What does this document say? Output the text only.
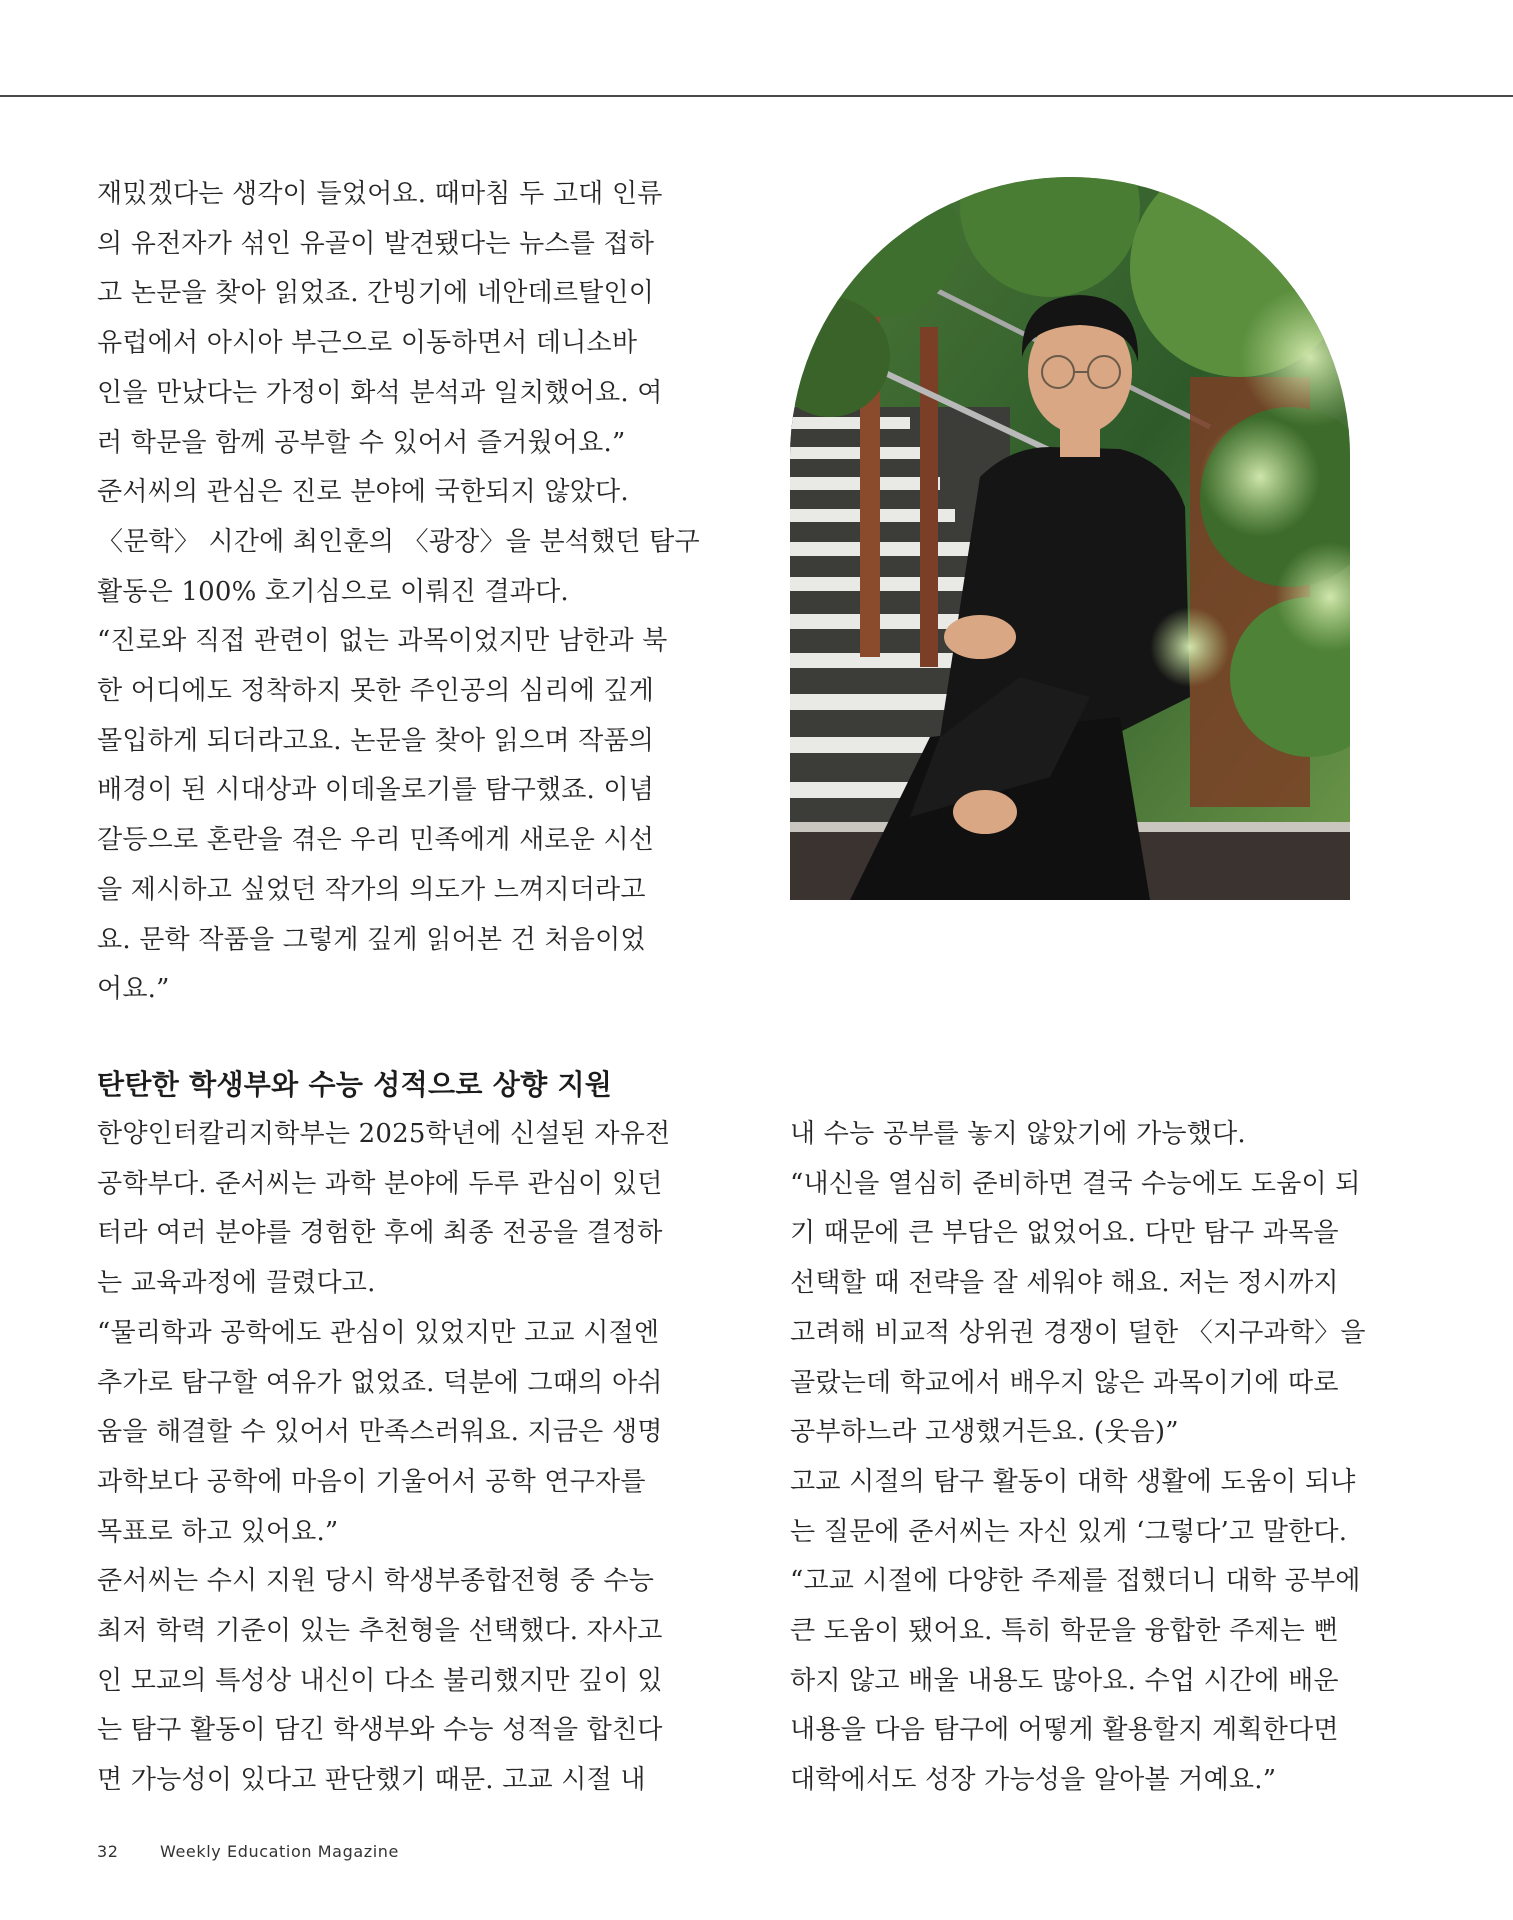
재밌겠다는 생각이 들었어요. 때마침 두 고대 인류

의 유전자가 섞인 유골이 발견됐다는 뉴스를 접하

고 논문을 찾아 읽었죠. 간빙기에 네안데르탈인이

유럽에서 아시아 부근으로 이동하면서 데니소바

인을 만났다는 가정이 화석 분석과 일치했어요. 여

러 학문을 함께 공부할 수 있어서 즐거웠어요.”

준서씨의 관심은 진로 분야에 국한되지 않았다.

〈문학〉 시간에 최인훈의 〈광장〉을 분석했던 탐구

활동은 100% 호기심으로 이뤄진 결과다.

“진로와 직접 관련이 없는 과목이었지만 남한과 북

한 어디에도 정착하지 못한 주인공의 심리에 깊게

몰입하게 되더라고요. 논문을 찾아 읽으며 작품의

배경이 된 시대상과 이데올로기를 탐구했죠. 이념

갈등으로 혼란을 겪은 우리 민족에게 새로운 시선

을 제시하고 싶었던 작가의 의도가 느껴지더라고

요. 문학 작품을 그렇게 깊게 읽어본 건 처음이었

어요.”

탄탄한 학생부와 수능 성적으로 상향 지원

한양인터칼리지학부는 2025학년에 신설된 자유전

공학부다. 준서씨는 과학 분야에 두루 관심이 있던

터라 여러 분야를 경험한 후에 최종 전공을 결정하

는 교육과정에 끌렸다고.

“물리학과 공학에도 관심이 있었지만 고교 시절엔

추가로 탐구할 여유가 없었죠. 덕분에 그때의 아쉬

움을 해결할 수 있어서 만족스러워요. 지금은 생명

과학보다 공학에 마음이 기울어서 공학 연구자를

목표로 하고 있어요.”

준서씨는 수시 지원 당시 학생부종합전형 중 수능

최저 학력 기준이 있는 추천형을 선택했다. 자사고

인 모교의 특성상 내신이 다소 불리했지만 깊이 있

는 탐구 활동이 담긴 학생부와 수능 성적을 합친다

면 가능성이 있다고 판단했기 때문. 고교 시절 내

내 수능 공부를 놓지 않았기에 가능했다.

“내신을 열심히 준비하면 결국 수능에도 도움이 되

기 때문에 큰 부담은 없었어요. 다만 탐구 과목을

선택할 때 전략을 잘 세워야 해요. 저는 정시까지

고려해 비교적 상위권 경쟁이 덜한 〈지구과학〉을

골랐는데 학교에서 배우지 않은 과목이기에 따로

공부하느라 고생했거든요. (웃음)”

고교 시절의 탐구 활동이 대학 생활에 도움이 되냐

는 질문에 준서씨는 자신 있게 ‘그렇다’고 말한다.

“고교 시절에 다양한 주제를 접했더니 대학 공부에

큰 도움이 됐어요. 특히 학문을 융합한 주제는 뻔

하지 않고 배울 내용도 많아요. 수업 시간에 배운

내용을 다음 탐구에 어떻게 활용할지 계획한다면

대학에서도 성장 가능성을 알아볼 거예요.”

32	Weekly Education Magazine
